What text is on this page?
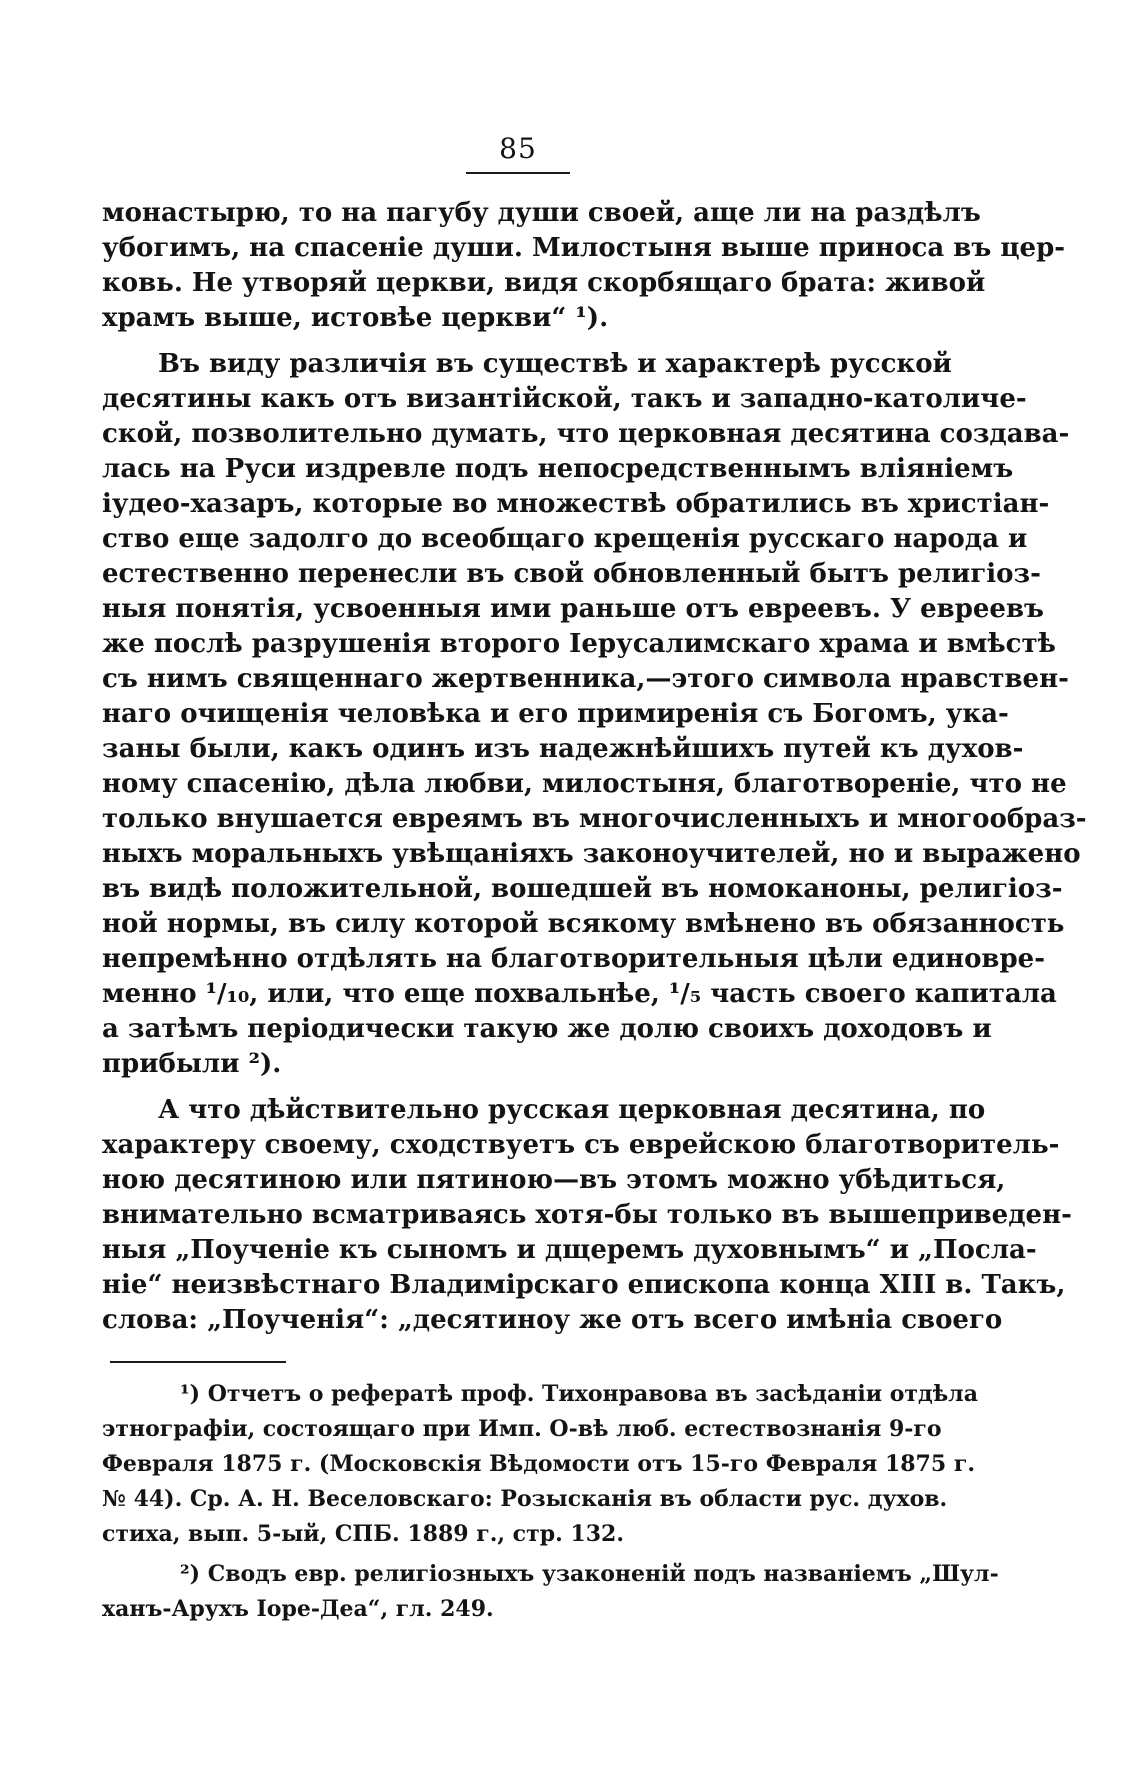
85
монастырю, то на пагубу души своей, аще ли на раздѣлъ
убогимъ, на спасеніе души. Милостыня выше приноса въ цер-
ковь. Не утворяй церкви, видя скорбящаго брата: живой
храмъ выше, истовѣе церкви“ ¹).
Въ виду различія въ существѣ и характерѣ русской
десятины какъ отъ византійской, такъ и западно-католиче-
ской, позволительно думать, что церковная десятина создава-
лась на Руси издревле подъ непосредственнымъ вліяніемъ
іудео-хазаръ, которые во множествѣ обратились въ христіан-
ство еще задолго до всеобщаго крещенія русскаго народа и
естественно перенесли въ свой обновленный бытъ религіоз-
ныя понятія, усвоенныя ими раньше отъ евреевъ. У евреевъ
же послѣ разрушенія второго Іерусалимскаго храма и вмѣстѣ
съ нимъ священнаго жертвенника,—этого символа нравствен-
наго очищенія человѣка и его примиренія съ Богомъ, ука-
заны были, какъ одинъ изъ надежнѣйшихъ путей къ духов-
ному спасенію, дѣла любви, милостыня, благотвореніе, что не
только внушается евреямъ въ многочисленныхъ и многообраз-
ныхъ моральныхъ увѣщаніяхъ законоучителей, но и выражено
въ видѣ положительной, вошедшей въ номоканоны, религіоз-
ной нормы, въ силу которой всякому вмѣнено въ обязанность
непремѣнно отдѣлять на благотворительныя цѣли единовре-
менно ¹/₁₀, или, что еще похвальнѣе, ¹/₅ часть своего капитала
а затѣмъ періодически такую же долю своихъ доходовъ и
прибыли ²).
А что дѣйствительно русская церковная десятина, по
характеру своему, сходствуетъ съ еврейскою благотворитель-
ною десятиною или пятиною—въ этомъ можно убѣдиться,
внимательно всматриваясь хотя-бы только въ вышеприведен-
ныя „Поученіе къ сыномъ и дщеремъ духовнымъ“ и „Посла-
ніе“ неизвѣстнаго Владимірскаго епископа конца XIII в. Такъ,
слова: „Поученія“: „десятиноу же отъ всего имѣніа своего
¹) Отчетъ о рефератѣ проф. Тихонравова въ засѣданіи отдѣла
этнографіи, состоящаго при Имп. О-вѣ люб. естествознанія 9-го
Февраля 1875 г. (Московскія Вѣдомости отъ 15-го Февраля 1875 г.
№ 44). Ср. А. Н. Веселовскаго: Розысканія въ области рус. духов.
стиха, вып. 5-ый, СПБ. 1889 г., стр. 132.
²) Сводъ евр. религіозныхъ узаконеній подъ названіемъ „Шул-
ханъ-Арухъ Іоре-Деа“, гл. 249.
